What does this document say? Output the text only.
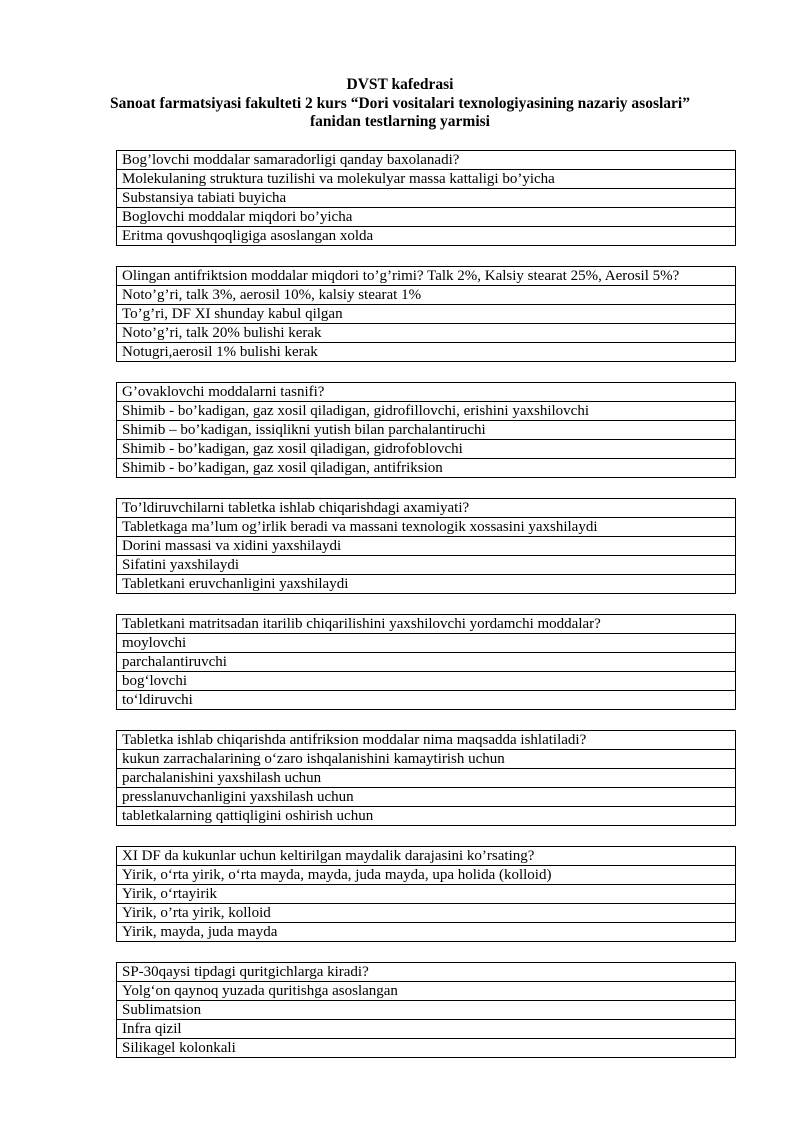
DVST kafedrasi
Sanoat farmatsiyasi fakulteti 2 kurs “Dori vositalari texnologiyasining nazariy asoslari”
fanidan testlarning yarmisi
Bog’lovchi moddalar samaradorligi qanday baxolanadi?
Molekulaning struktura tuzilishi va molekulyar massa kattaligi bo’yicha
Substansiya tabiati buyicha
Boglovchi moddalar miqdori bo’yicha
Eritma qovushqoqligiga asoslangan xolda
Olingan antifriktsion moddalar miqdori to’g’rimi? Talk 2%, Kalsiy stearat 25%, Aerosil 5%?
Noto’g’ri, talk 3%, aerosil 10%, kalsiy stearat 1%
To’g’ri, DF XI shunday kabul qilgan
Noto’g’ri, talk 20% bulishi kerak
Notugri,aerosil 1% bulishi kerak
G’ovaklovchi moddalarni tasnifi?
Shimib - bo’kadigan, gaz xosil qiladigan, gidrofillovchi, erishini yaxshilovchi
Shimib – bo’kadigan, issiqlikni yutish bilan parchalantiruchi
Shimib - bo’kadigan, gaz xosil qiladigan, gidrofoblovchi
Shimib - bo’kadigan, gaz xosil qiladigan, antifriksion
To’ldiruvchilarni tabletka ishlab chiqarishdagi axamiyati?
Tabletkaga ma’lum og’irlik beradi va massani texnologik xossasini yaxshilaydi
Dorini massasi va xidini yaxshilaydi
Sifatini yaxshilaydi
Tabletkani eruvchanligini yaxshilaydi
Tabletkani matritsadan itarilib chiqarilishini yaxshilovchi yordamchi moddalar?
moylovchi
parchalantiruvchi
bog‘lovchi
to‘ldiruvchi
Tabletka ishlab chiqarishda antifriksion moddalar nima maqsadda ishlatiladi?
kukun zarrachalarining o‘zaro ishqalanishini kamaytirish uchun
parchalanishini yaxshilash uchun
presslanuvchanligini yaxshilash uchun
tabletkalarning qattiqligini oshirish uchun
XI DF da kukunlar uchun keltirilgan maydalik darajasini ko’rsating?
Yirik, o‘rta yirik, o‘rta mayda, mayda, juda mayda, upa holida (kolloid)
Yirik, o‘rtayirik
Yirik, o’rta yirik, kolloid
Yirik, mayda, juda mayda
SP-30qaysi tipdagi quritgichlarga kiradi?
Yolg‘on qaynoq yuzada quritishga asoslangan
Sublimatsion
Infra qizil
Silikagel kolonkali
